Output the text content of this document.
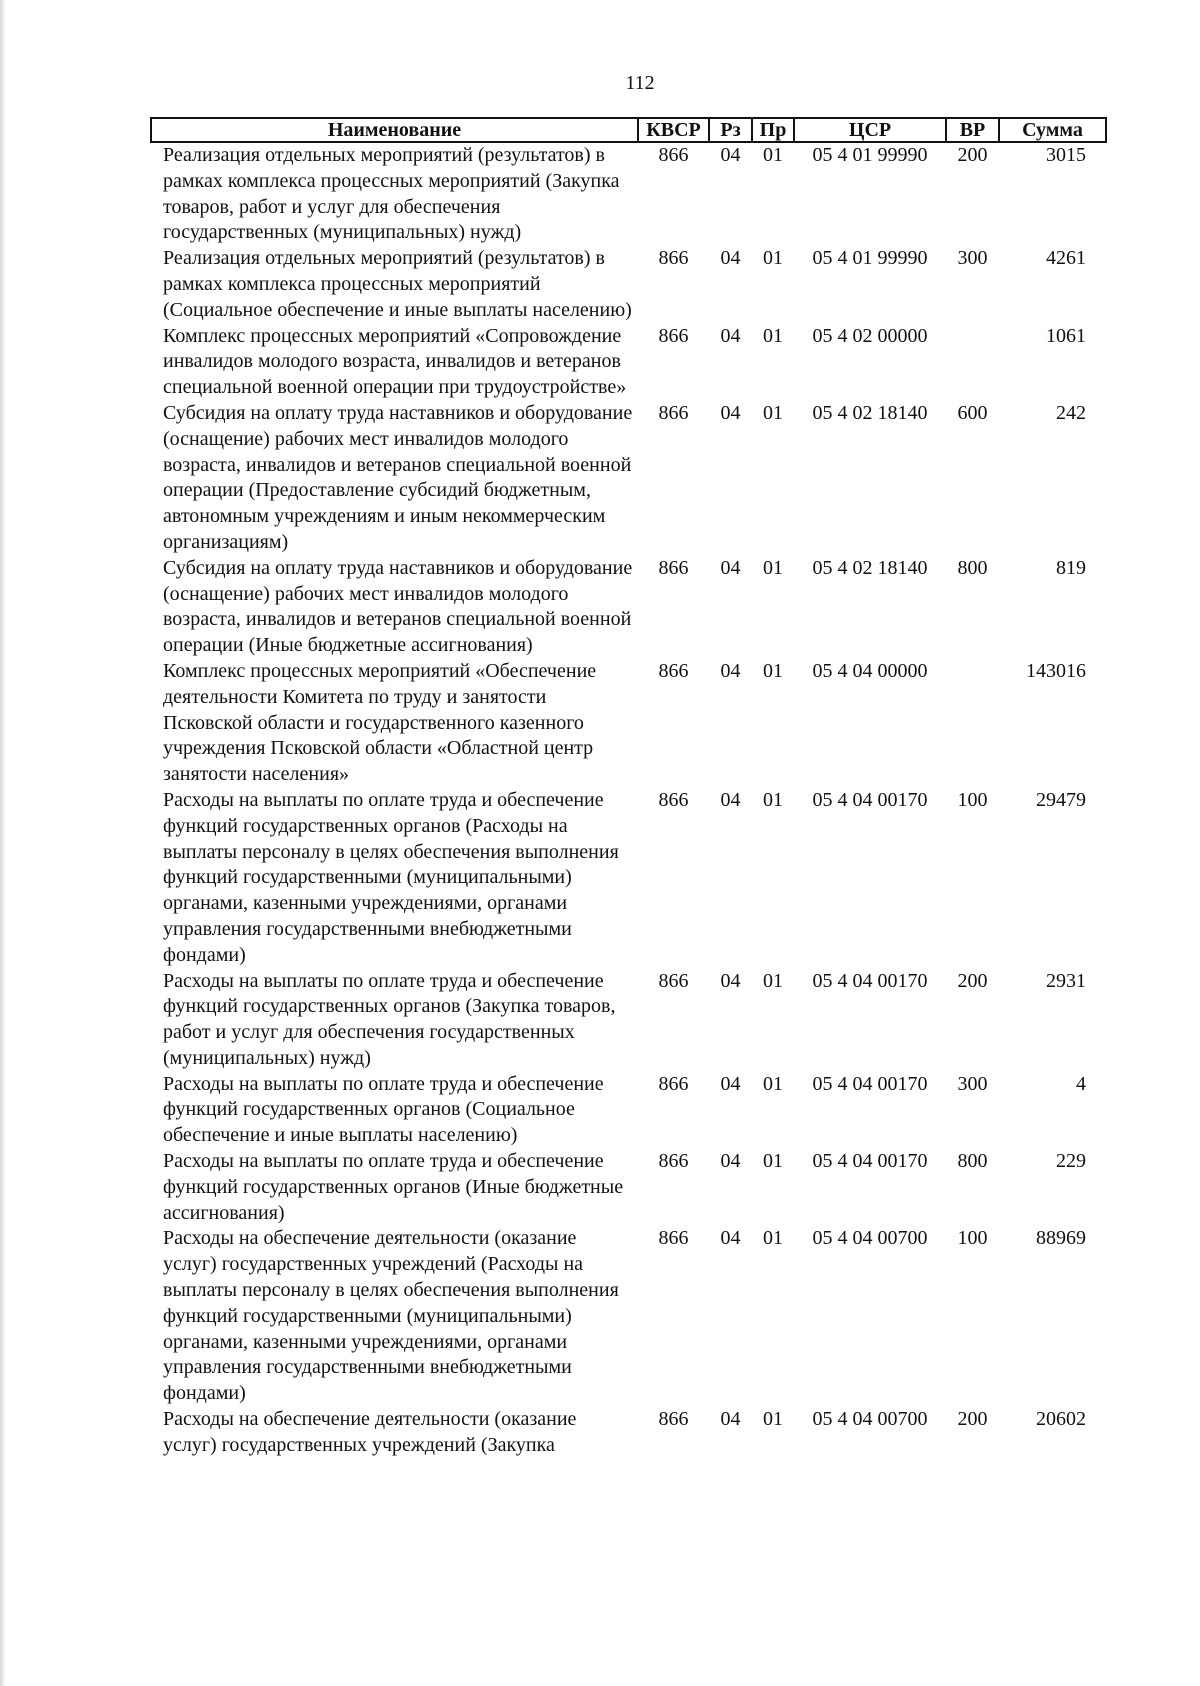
112
Наименование	КВСР	Рз	Пр	ЦСР	ВР	Сумма
Реализация отдельных мероприятий (результатов) в рамках комплекса процессных мероприятий (Закупка товаров, работ и услуг для обеспечения государственных (муниципальных) нужд)	866	04	01	05 4 01 99990	200	3015
Реализация отдельных мероприятий (результатов) в рамках комплекса процессных мероприятий (Социальное обеспечение и иные выплаты населению)	866	04	01	05 4 01 99990	300	4261
Комплекс процессных мероприятий «Сопровождение инвалидов молодого возраста, инвалидов и ветеранов специальной военной операции при трудоустройстве»	866	04	01	05 4 02 00000		1061
Субсидия на оплату труда наставников и оборудование (оснащение) рабочих мест инвалидов молодого возраста, инвалидов и ветеранов специальной военной операции (Предоставление субсидий бюджетным, автономным учреждениям и иным некоммерческим организациям)	866	04	01	05 4 02 18140	600	242
Субсидия на оплату труда наставников и оборудование (оснащение) рабочих мест инвалидов молодого возраста, инвалидов и ветеранов специальной военной операции (Иные бюджетные ассигнования)	866	04	01	05 4 02 18140	800	819
Комплекс процессных мероприятий «Обеспечение деятельности Комитета по труду и занятости Псковской области и государственного казенного учреждения Псковской области «Областной центр занятости населения»	866	04	01	05 4 04 00000		143016
Расходы на выплаты по оплате труда и обеспечение функций государственных органов (Расходы на выплаты персоналу в целях обеспечения выполнения функций государственными (муниципальными) органами, казенными учреждениями, органами управления государственными внебюджетными фондами)	866	04	01	05 4 04 00170	100	29479
Расходы на выплаты по оплате труда и обеспечение функций государственных органов (Закупка товаров, работ и услуг для обеспечения государственных (муниципальных) нужд)	866	04	01	05 4 04 00170	200	2931
Расходы на выплаты по оплате труда и обеспечение функций государственных органов (Социальное обеспечение и иные выплаты населению)	866	04	01	05 4 04 00170	300	4
Расходы на выплаты по оплате труда и обеспечение функций государственных органов (Иные бюджетные ассигнования)	866	04	01	05 4 04 00170	800	229
Расходы на обеспечение деятельности (оказание услуг) государственных учреждений (Расходы на выплаты персоналу в целях обеспечения выполнения функций государственными (муниципальными) органами, казенными учреждениями, органами управления государственными внебюджетными фондами)	866	04	01	05 4 04 00700	100	88969
Расходы на обеспечение деятельности (оказание услуг) государственных учреждений (Закупка	866	04	01	05 4 04 00700	200	20602
